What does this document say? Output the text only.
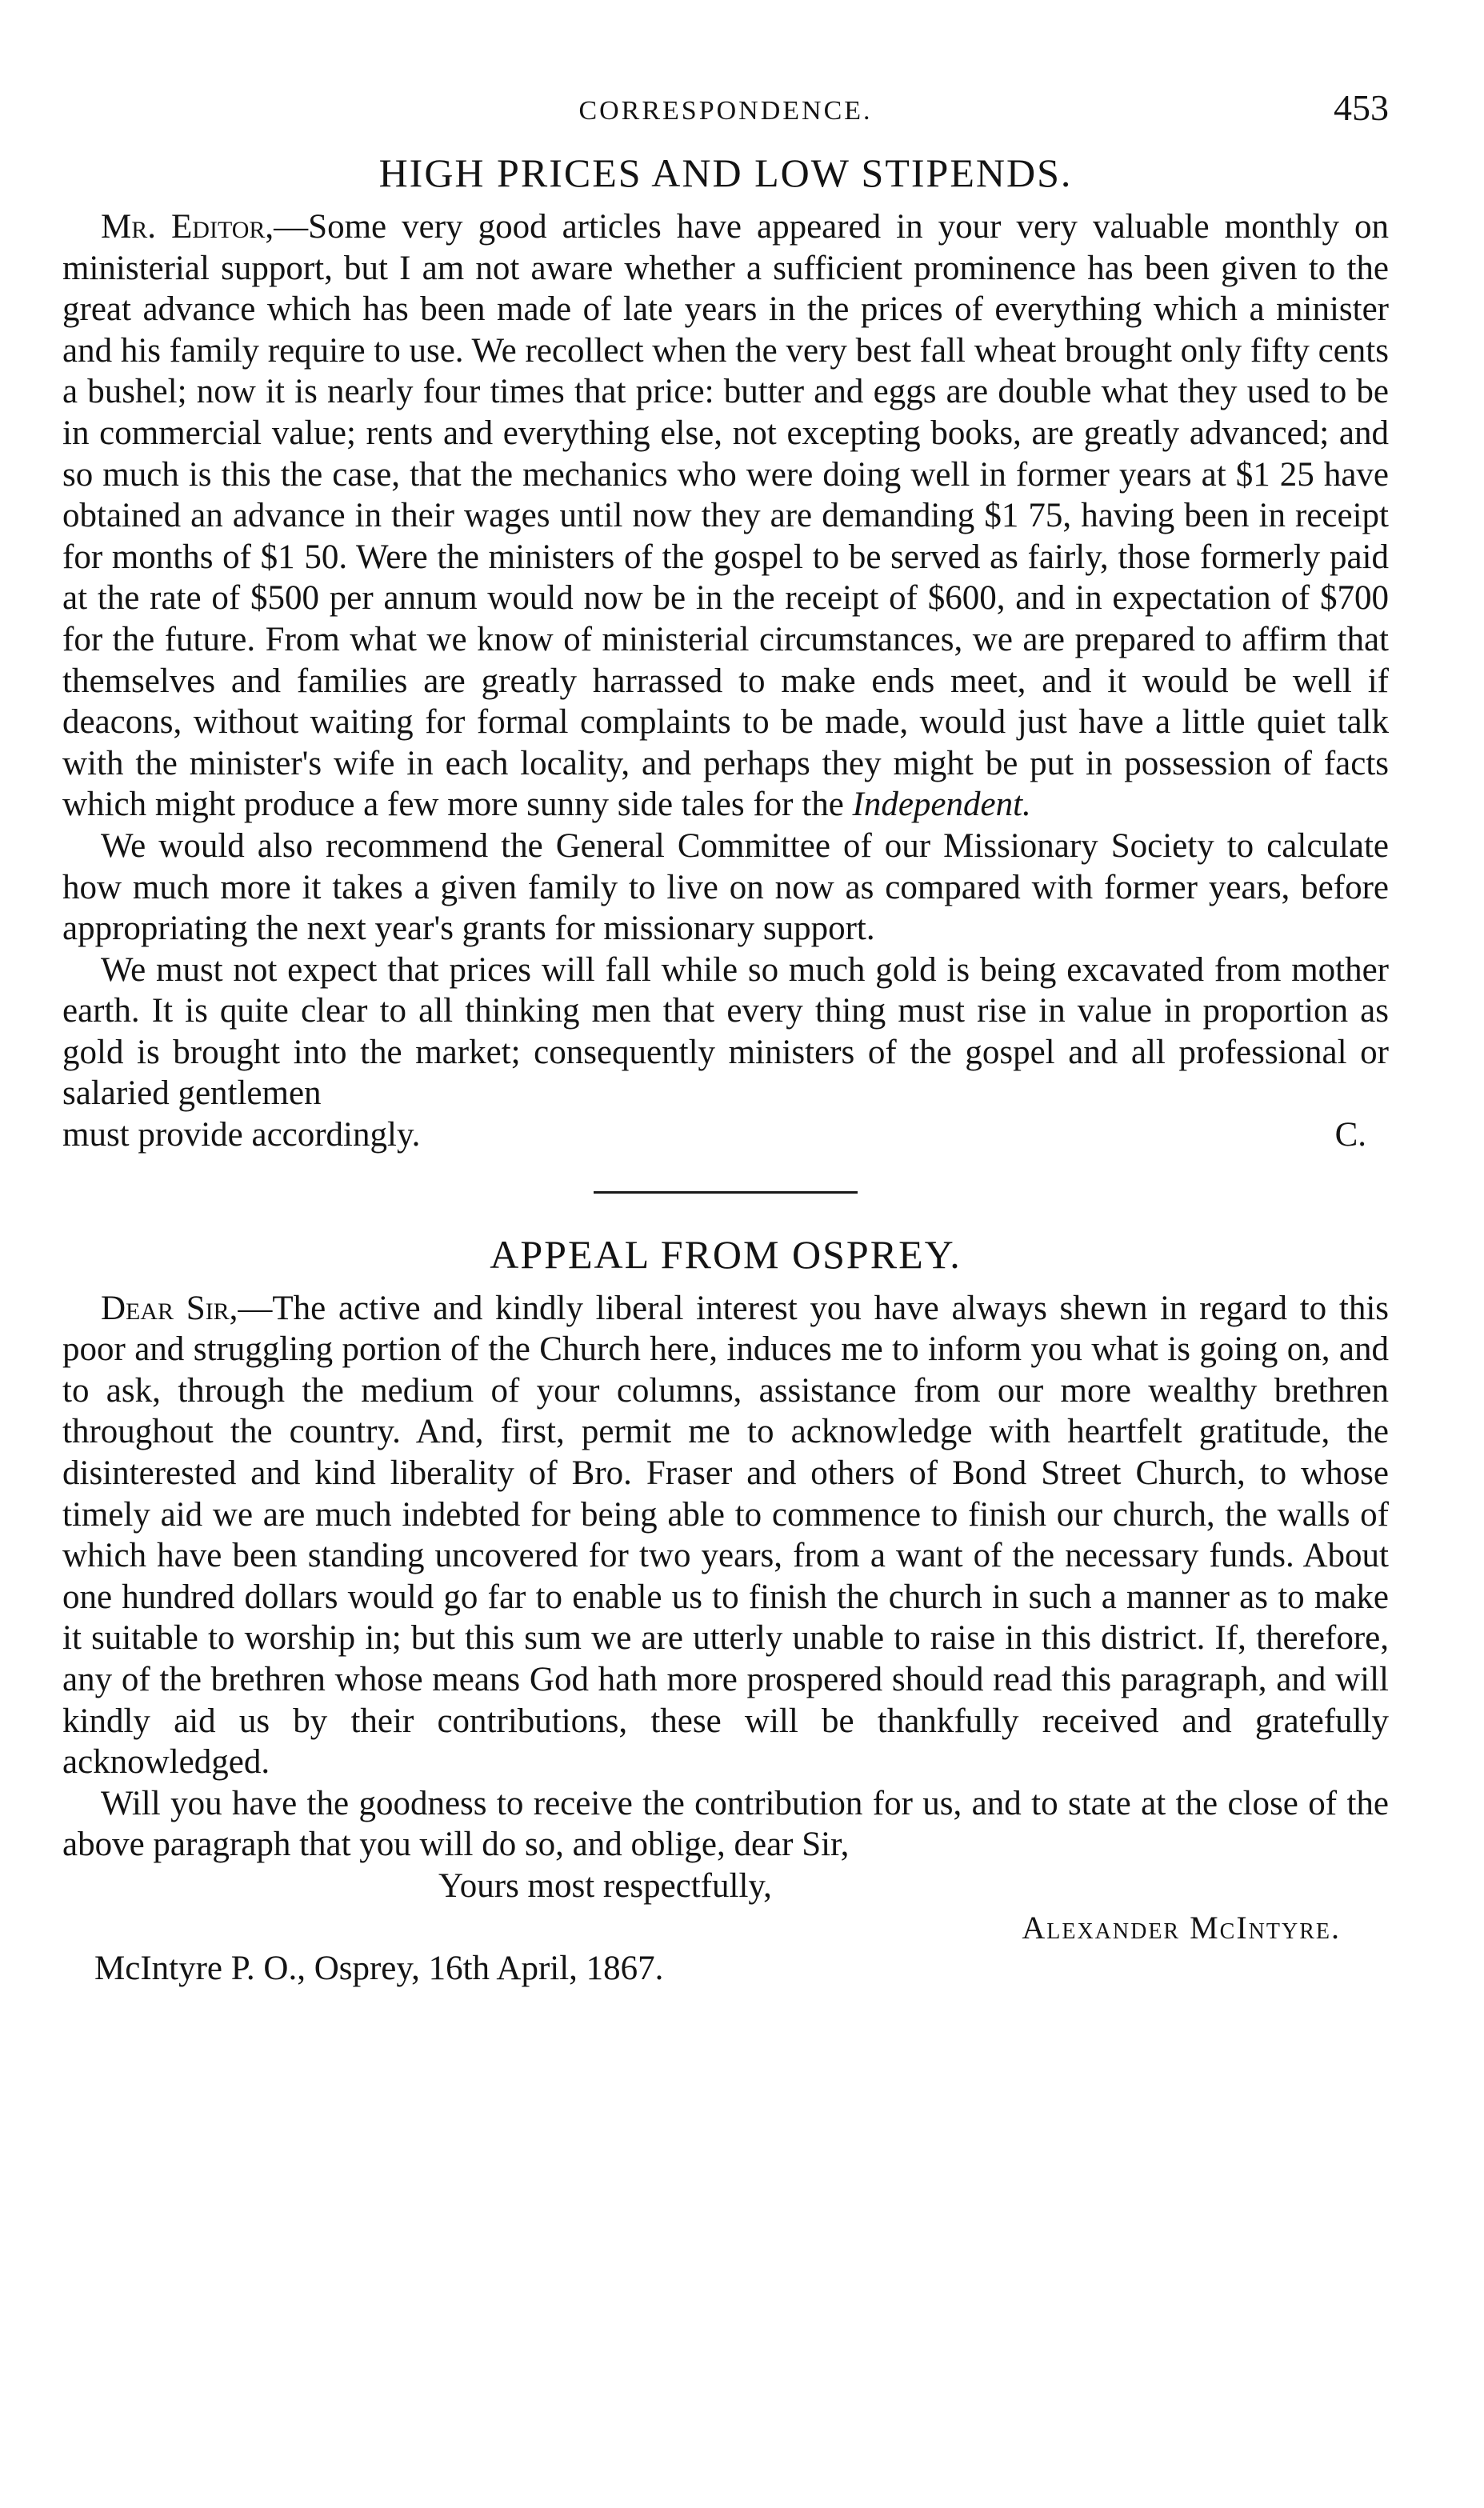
CORRESPONDENCE.	453
HIGH PRICES AND LOW STIPENDS.

Mr. Editor,—Some very good articles have appeared in your very valuable monthly on ministerial support, but I am not aware whether a sufficient prominence has been given to the great advance which has been made of late years in the prices of everything which a minister and his family require to use. We recollect when the very best fall wheat brought only fifty cents a bushel; now it is nearly four times that price: butter and eggs are double what they used to be in commercial value; rents and everything else, not excepting books, are greatly advanced; and so much is this the case, that the mechanics who were doing well in former years at $1 25 have obtained an advance in their wages until now they are demanding $1 75, having been in receipt for months of $1 50. Were the ministers of the gospel to be served as fairly, those formerly paid at the rate of $500 per annum would now be in the receipt of $600, and in expectation of $700 for the future. From what we know of ministerial circumstances, we are prepared to affirm that themselves and families are greatly harrassed to make ends meet, and it would be well if deacons, without waiting for formal complaints to be made, would just have a little quiet talk with the minister's wife in each locality, and perhaps they might be put in possession of facts which might produce a few more sunny side tales for the Independent.

We would also recommend the General Committee of our Missionary Society to calculate how much more it takes a given family to live on now as compared with former years, before appropriating the next year's grants for missionary support.

We must not expect that prices will fall while so much gold is being excavated from mother earth. It is quite clear to all thinking men that every thing must rise in value in proportion as gold is brought into the market; consequently ministers of the gospel and all professional or salaried gentlemen

must provide accordingly.	C.
APPEAL FROM OSPREY.

Dear Sir,—The active and kindly liberal interest you have always shewn in regard to this poor and struggling portion of the Church here, induces me to inform you what is going on, and to ask, through the medium of your columns, assistance from our more wealthy brethren throughout the country. And, first, permit me to acknowledge with heartfelt gratitude, the disinterested and kind liberality of Bro. Fraser and others of Bond Street Church, to whose timely aid we are much indebted for being able to commence to finish our church, the walls of which have been standing uncovered for two years, from a want of the necessary funds. About one hundred dollars would go far to enable us to finish the church in such a manner as to make it suitable to worship in; but this sum we are utterly unable to raise in this district. If, therefore, any of the brethren whose means God hath more prospered should read this paragraph, and will kindly aid us by their contributions, these will be thankfully received and gratefully acknowledged.

Will you have the goodness to receive the contribution for us, and to state at the close of the above paragraph that you will do so, and oblige, dear Sir,

Yours most respectfully,
Alexander McIntyre.
McIntyre P. O., Osprey, 16th April, 1867.
